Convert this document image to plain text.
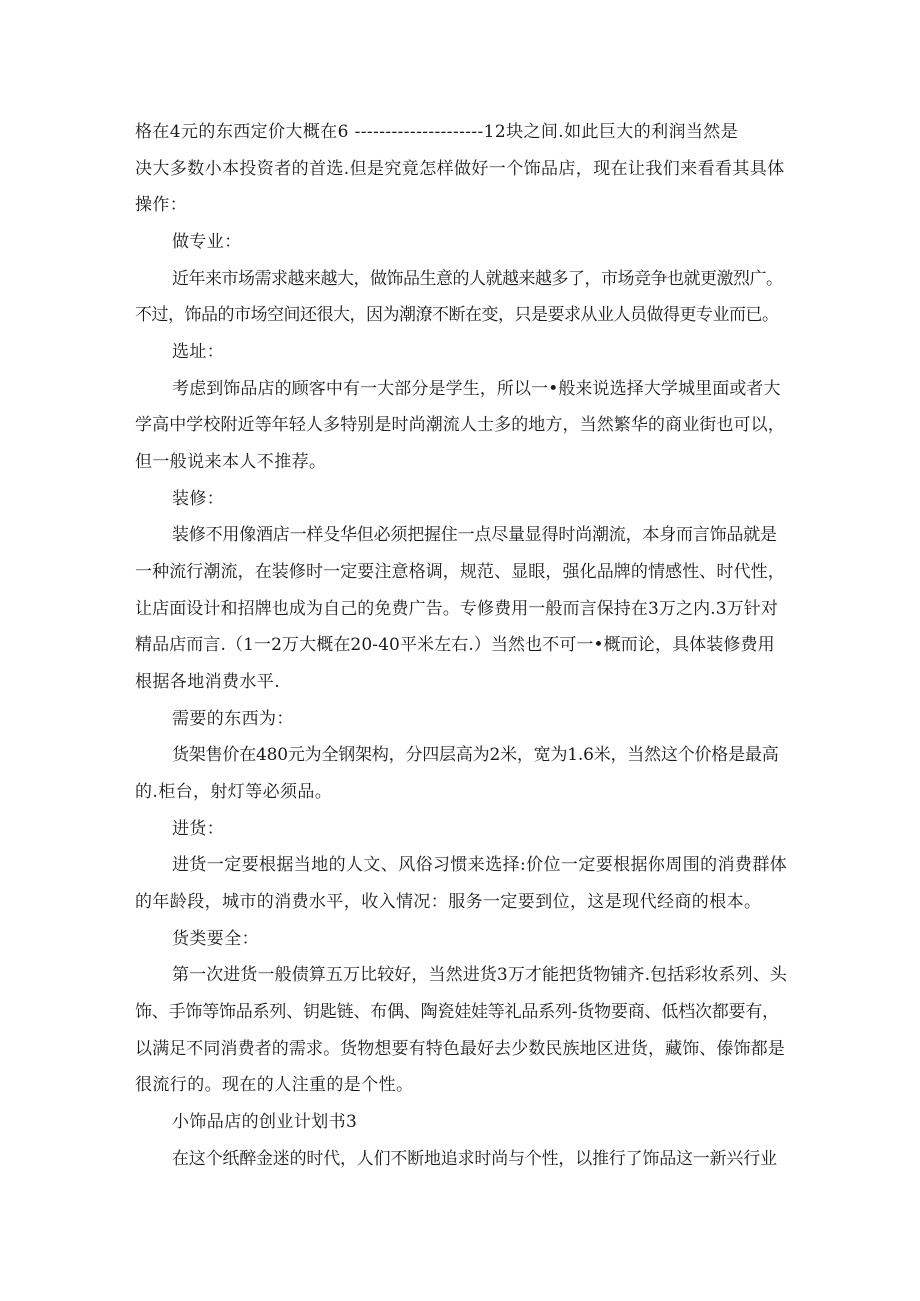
格在4元的东西定价大概在6 ---------------------12块之间.如此巨大的利润当然是
决大多数小本投资者的首选.但是究竟怎样做好一个饰品店，现在让我们来看看其具体
操作：
做专业：
近年来市场需求越来越大，做饰品生意的人就越来越多了，市场竞争也就更激烈广。
不过，饰品的市场空间还很大，因为潮潦不断在变，只是要求从业人员做得更专业而已。
选址：
考虑到饰品店的顾客中有一大部分是学生，所以一•般来说选择大学城里面或者大
学高中学校附近等年轻人多特别是时尚潮流人士多的地方，当然繁华的商业街也可以，
但一般说来本人不推荐。
装修：
装修不用像酒店一样殳华但必须把握住一点尽量显得时尚潮流，本身而言饰品就是
一种流行潮流，在装修时一定要注意格调，规范、显眼，强化品牌的情感性、时代性，
让店面设计和招牌也成为自己的免费广告。专修费用一般而言保持在3万之内.3万针对
精品店而言.（1一2万大概在20-40平米左右.）当然也不可一•概而论，具体装修费用
根据各地消费水平.
需要的东西为：
货架售价在480元为全钢架构，分四层高为2米，宽为1.6米，当然这个价格是最高
的.柜台，射灯等必须品。
进货：
进货一定要根据当地的人文、风俗习惯来选择:价位一定要根据你周围的消费群体
的年龄段，城市的消费水平，收入情况：服务一定要到位，这是现代经商的根本。
货类要全：
第一次进货一般债算五万比较好，当然进货3万才能把货物铺齐.包括彩妆系列、头
饰、手饰等饰品系列、钥匙链、布偶、陶瓷娃娃等礼品系列-货物要商、低档次都要有，
以满足不同消费者的需求。货物想要有特色最好去少数民族地区进货，藏饰、傣饰都是
很流行的。现在的人注重的是个性。
小饰品店的创业计划书3
在这个纸醉金迷的时代，人们不断地追求时尚与个性，以推行了饰品这一新兴行业
